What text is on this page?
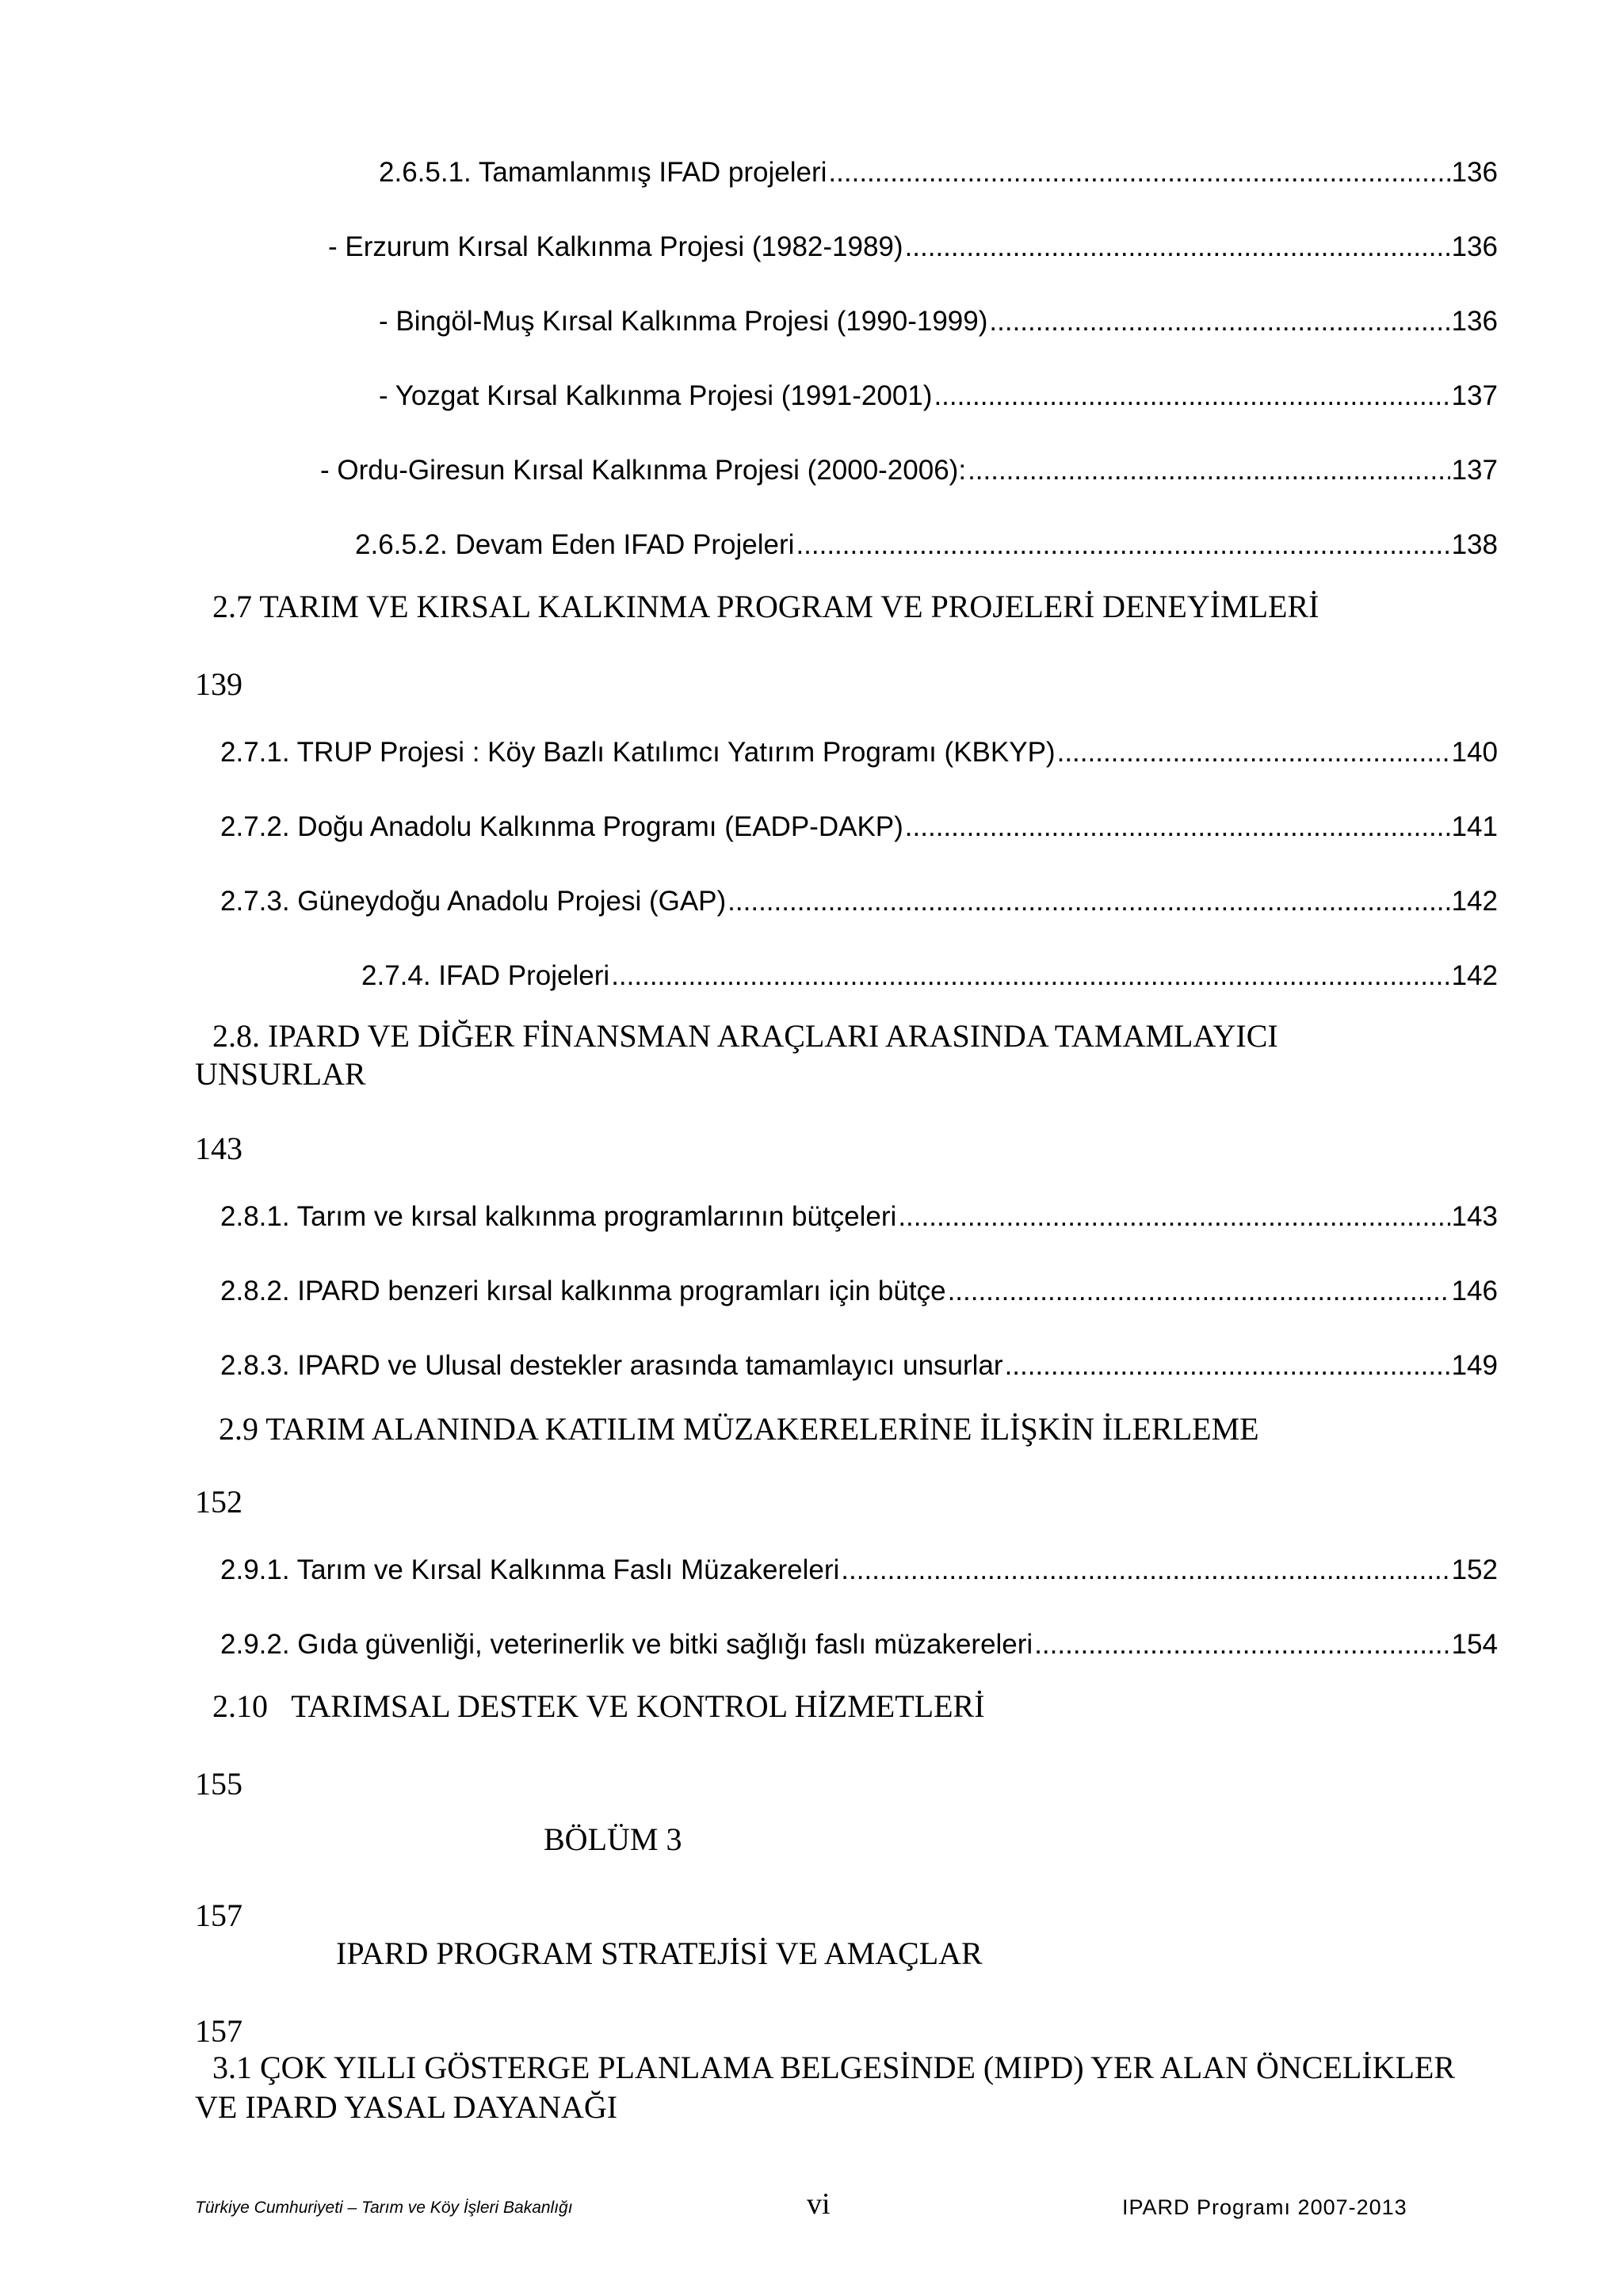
2.6.5.1. Tamamlanmış IFAD projeleri .....	136
- Erzurum Kırsal Kalkınma Projesi (1982-1989) .....	136
- Bingöl-Muş Kırsal Kalkınma Projesi (1990-1999) .....	136
- Yozgat Kırsal Kalkınma Projesi (1991-2001) .....	137
- Ordu-Giresun Kırsal Kalkınma Projesi (2000-2006): .....	137
2.6.5.2. Devam Eden IFAD Projeleri .....	138
2.7 TARIM VE KIRSAL KALKINMA PROGRAM VE PROJELERİ DENEYİMLERİ
139
2.7.1. TRUP Projesi : Köy Bazlı Katılımcı Yatırım Programı (KBKYP) .....	140
2.7.2. Doğu Anadolu Kalkınma Programı (EADP-DAKP) .....	141
2.7.3. Güneydoğu Anadolu Projesi (GAP) .....	142
2.7.4. IFAD Projeleri .....	142
2.8. IPARD VE DİĞER FİNANSMAN ARAÇLARI ARASINDA TAMAMLAYICI
UNSURLAR
143
2.8.1. Tarım ve kırsal kalkınma programlarının bütçeleri .....	143
2.8.2. IPARD benzeri kırsal kalkınma programları için bütçe .....	146
2.8.3. IPARD ve Ulusal destekler arasında tamamlayıcı unsurlar .....	149
2.9 TARIM ALANINDA KATILIM MÜZAKERELERİNE İLİŞKİN İLERLEME
152
2.9.1. Tarım ve Kırsal Kalkınma Faslı Müzakereleri .....	152
2.9.2. Gıda güvenliği, veterinerlik ve bitki sağlığı faslı müzakereleri .....	154
2.10   TARIMSAL DESTEK VE KONTROL HİZMETLERİ
155
BÖLÜM 3
157
IPARD PROGRAM STRATEJİSİ VE AMAÇLAR
157
3.1 ÇOK YILLI GÖSTERGE PLANLAMA BELGESİNDE (MIPD) YER ALAN ÖNCELİKLER
VE IPARD YASAL DAYANAĞI
Türkiye Cumhuriyeti – Tarım ve Köy İşleri Bakanlığı	vi	IPARD Programı 2007-2013
